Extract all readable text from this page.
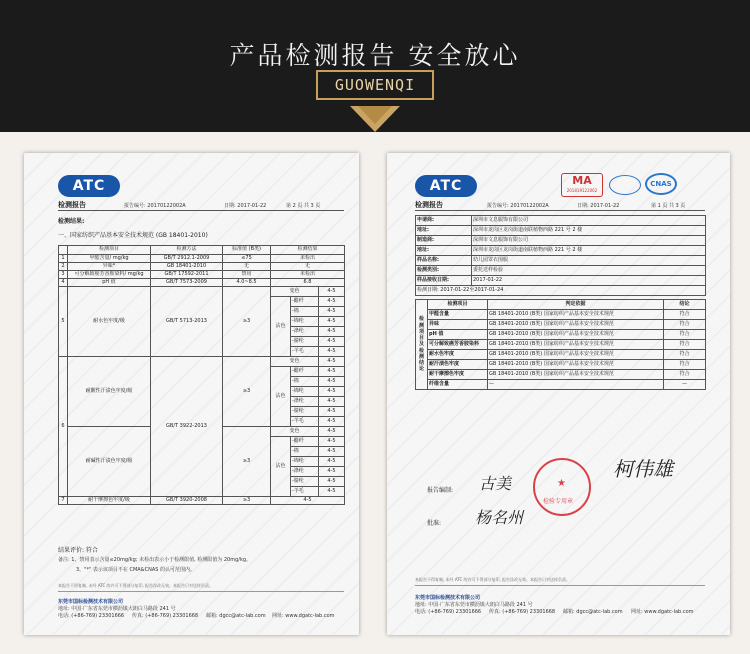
产品检测报告 安全放心
GUOWENQI
ATC
检测报告	报告编号: 20170122002A	日期: 2017-01-22	第 2 页 共 3 页
检测结果:
一、国家纺织产品基本安全技术规范 (GB 18401-2010)
	检测项目	检测方法	标准值 (B类)	检测结果		
1	甲醛含量/ mg/kg	GB/T 2912.1-2009	≤75	未检出		
2	异味*	GB 18401-2010	无	无		
3	可分解致癌芳香胺染料/ mg/kg	GB/T 17592-2011	禁用	未检出		
4	pH 值	GB/T 7573-2009	4.0~8.5	6.8		
5	耐水色牢度/级	GB/T 5713-2013	≥3	变色		4-5
				沾色	-醋纤	4-5
					-棉	4-5
					-锦纶	4-5
					-涤纶	4-5
					-腈纶	4-5
					-羊毛	4-5
6	耐酸性汗渍色牢度/级	GB/T 3922-2013	≥3	变色		4-5
				沾色	-醋纤	4-5
					-棉	4-5
					-锦纶	4-5
					-涤纶	4-5
					-腈纶	4-5
					-羊毛	4-5
	耐碱性汗渍色牢度/级		≥3	变色		4-5
				沾色	-醋纤	4-5
					-棉	4-5
					-锦纶	4-5
					-涤纶	4-5
					-腈纶	4-5
					-羊毛	4-5
7	耐干摩擦色牢度/级	GB/T 3920-2008	≥3	4-5		
结果评价: 符合
备注: 1、禁用表示含量≤20mg/kg; 未检出表示小于检测限值, 检测限值为 20mg/kg。
3、"*" 表示该项目不在 CMA&CNAS 的认可范围内。
本报告不得复制, 未经 ATC 的许可不得部分复印, 报告涂改无效。本报告只对送样负责。
东莞市国标检测技术有限公司
地址: 中国·广东省东莞市横沥镇大朗白马路段 241 号
电话: (+86-769) 23301666 传真: (+86-769) 23301668 邮箱: dgcc@atc-lab.com 网址: www.dgatc-lab.com
ATC
检测报告	报告编号: 20170122002A	日期: 2017-01-22	第 1 页 共 3 页
MA
201819122062
CNAS
申请商:	深圳市文息服饰有限公司
地址:	深圳市龙岗区龙岗街道南联植物西路 221 号 2 楼
制造商:	深圳市文息服饰有限公司
地址:	深圳市龙岗区龙岗街道南联植物西路 221 号 2 楼
样品名称:	幼儿园罩衣围服
检测类别:	委托送样检验
样品接收日期:	2017-01-22
检测日期: 2017-01-22至2017-01-24	
检测项目及检测结论	检测项目	判定依据	结论
	甲醛含量	GB 18401-2010 (B类) 国家纺织产品基本安全技术规范	符合
	异味	GB 18401-2010 (B类) 国家纺织产品基本安全技术规范	符合
	pH 值	GB 18401-2010 (B类) 国家纺织产品基本安全技术规范	符合
	可分解致癌芳香胺染料	GB 18401-2010 (B类) 国家纺织产品基本安全技术规范	符合
	耐水色牢度	GB 18401-2010 (B类) 国家纺织产品基本安全技术规范	符合
	耐汗渍色牢度	GB 18401-2010 (B类) 国家纺织产品基本安全技术规范	符合
	耐干摩擦色牢度	GB 18401-2010 (B类) 国家纺织产品基本安全技术规范	符合
	纤维含量	—	—
报告编制:
批准:
古美
柯伟雄
杨名州
★
检验专用章
本报告不得复制, 未经 ATC 的许可不得部分复印, 报告涂改无效。本报告只对送样负责。
东莞市国标检测技术有限公司
地址: 中国·广东省东莞市横沥镇大朗白马路段 241 号
电话: (+86-769) 23301666 传真: (+86-769) 23301668 邮箱: dgcc@atc-lab.com 网址: www.dgatc-lab.com
